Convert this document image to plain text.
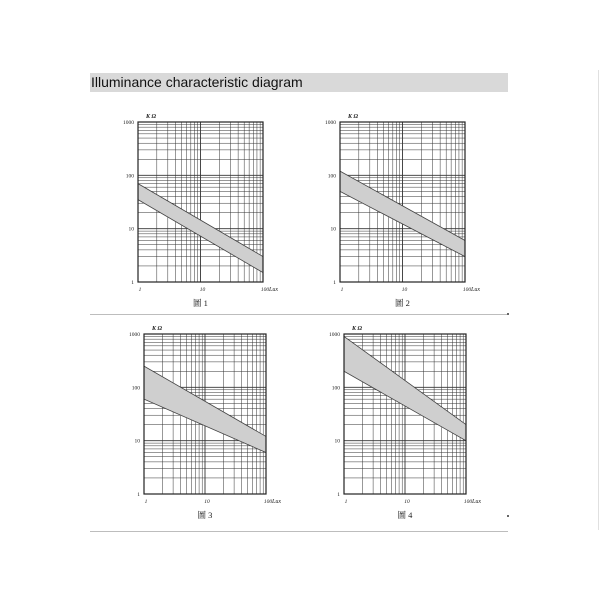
Illuminance characteristic diagram
K Ω
1
10
100
1000
1	10	100 Lux
圖 1
K Ω
1
10
100
1000
1	10	100 Lux
圖 2
K Ω
1
10
100
1000
1	10	100 Lux
圖 3
K Ω
1
10
100
1000
1	10	100 Lux
圖 4
